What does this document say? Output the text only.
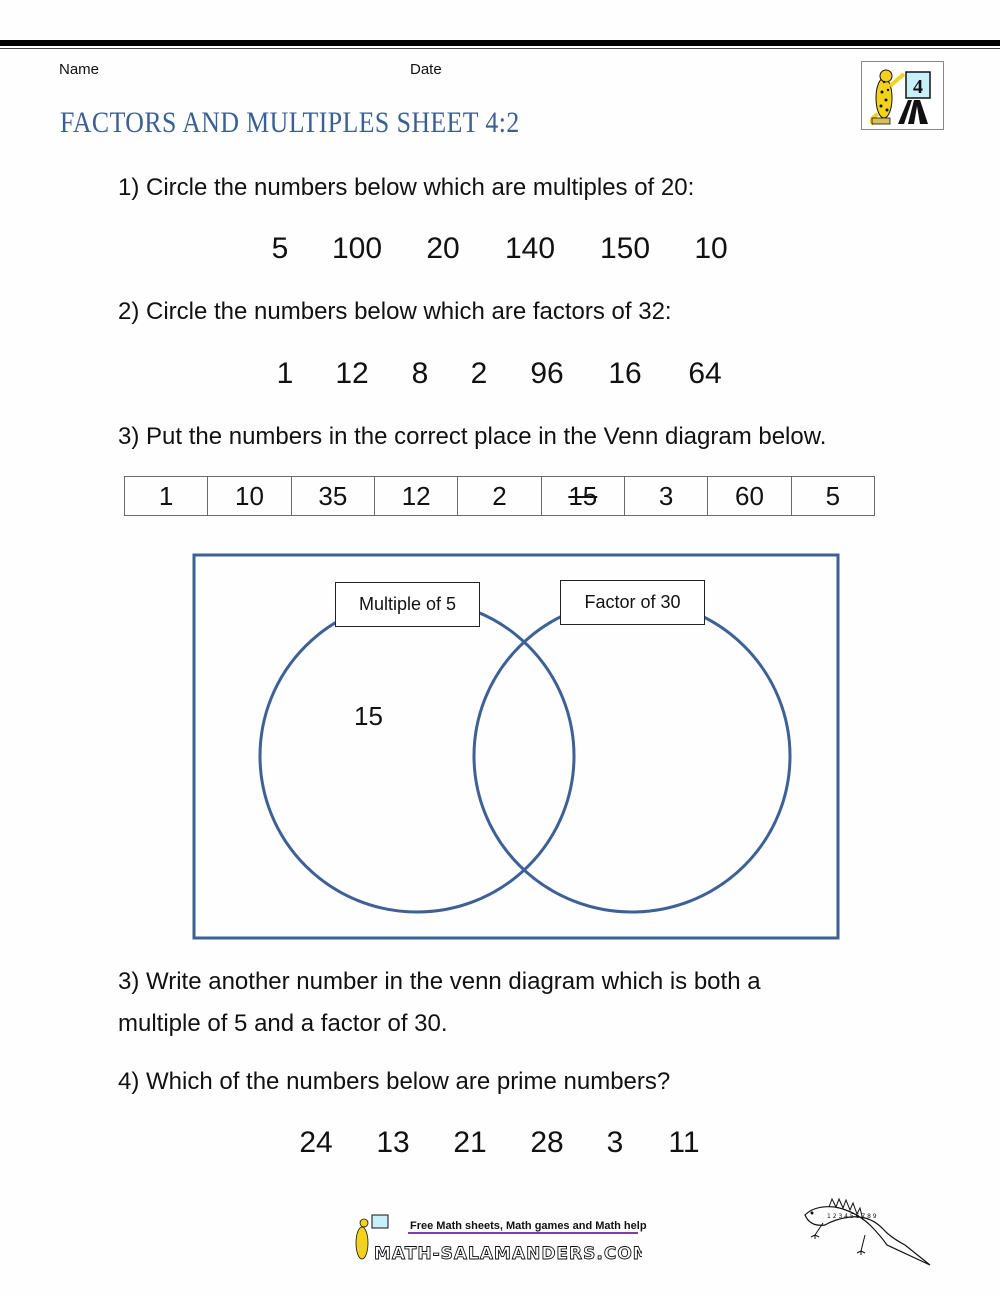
Name	Date
FACTORS AND MULTIPLES SHEET 4:2
4
1) Circle the numbers below which are multiples of 20:
5 100 20 140 150 10
2) Circle the numbers below which are factors of 32:
1 12 8 2 96 16 64
3) Put the numbers in the correct place in the Venn diagram below.
1	10	35	12	2	15	3	60	5
Multiple of 5	Factor of 30
15
3) Write another number in the venn diagram which is both a
multiple of 5 and a factor of 30.
4) Which of the numbers below are prime numbers?
24 13 21 28 3 11
1 2 3 4 5 6 7 8 9
MATH-SALAMANDERS.COM
Free Math sheets, Math games and Math help
